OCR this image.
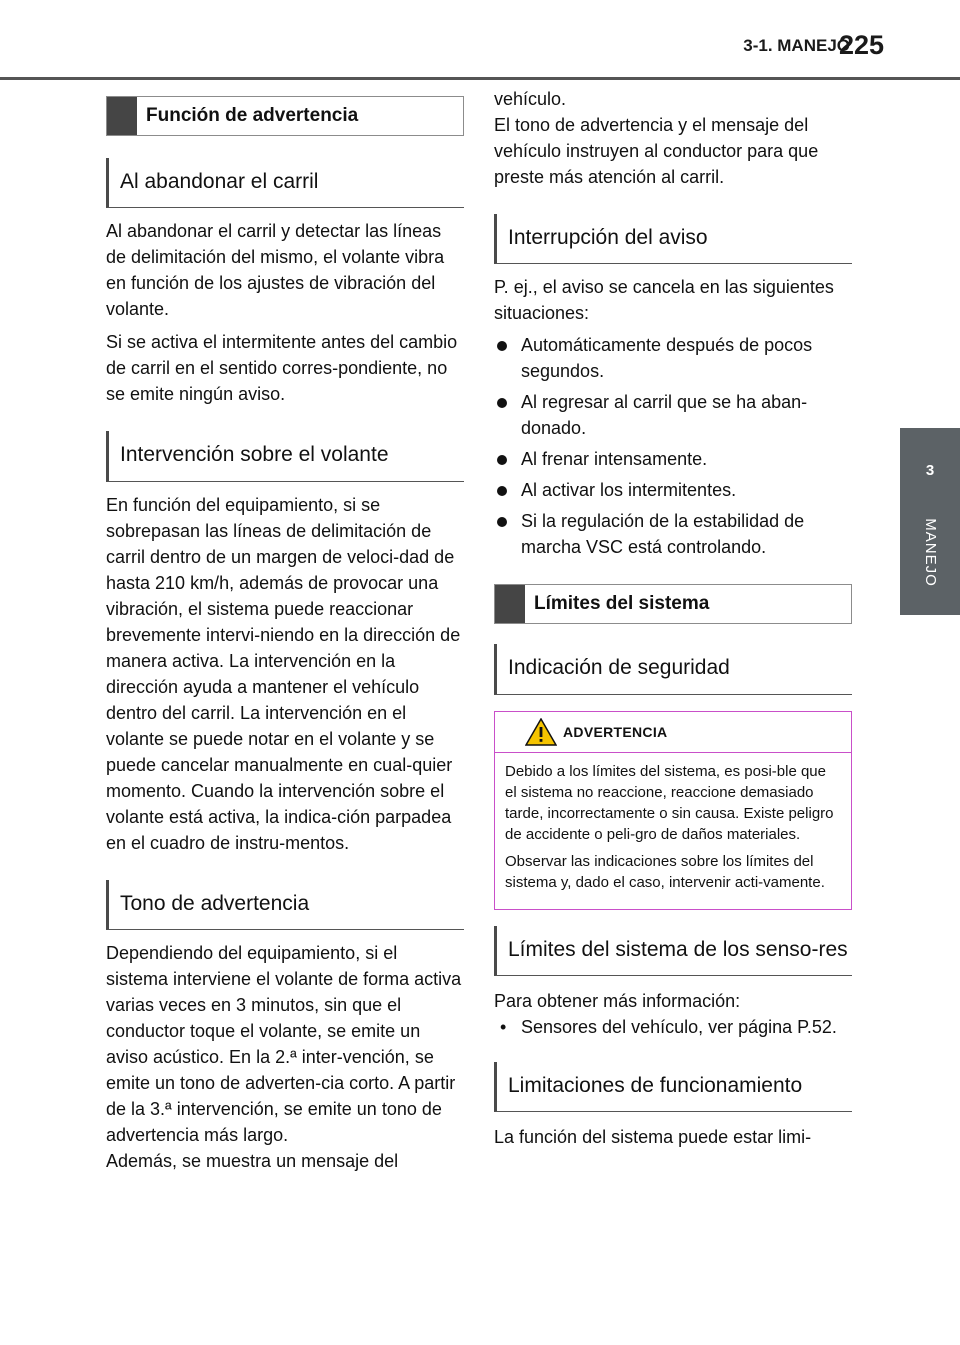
3-1. MANEJO
225
3
MANEJO
Función de advertencia
Al abandonar el carril

Al abandonar el carril y detectar las líneas de delimitación del mismo, el volante vibra en función de los ajustes de vibración del volante.

Si se activa el intermitente antes del cambio de carril en el sentido corres-pondiente, no se emite ningún aviso.

Intervención sobre el volante

En función del equipamiento, si se sobrepasan las líneas de delimitación de carril dentro de un margen de veloci-dad de hasta 210 km/h, además de provocar una vibración, el sistema puede reaccionar brevemente intervi-niendo en la dirección de manera activa. La intervención en la dirección ayuda a mantener el vehículo dentro del carril. La intervención en el volante se puede notar en el volante y se puede cancelar manualmente en cual-quier momento. Cuando la intervención sobre el volante está activa, la indica-ción parpadea en el cuadro de instru-mentos.

Tono de advertencia

Dependiendo del equipamiento, si el sistema interviene el volante de forma activa varias veces en 3 minutos, sin que el conductor toque el volante, se emite un aviso acústico. En la 2.ª inter-vención, se emite un tono de adverten-cia corto. A partir de la 3.ª intervención, se emite un tono de advertencia más largo.

Además, se muestra un mensaje del

vehículo.

El tono de advertencia y el mensaje del vehículo instruyen al conductor para que preste más atención al carril.

Interrupción del aviso

P. ej., el aviso se cancela en las siguientes situaciones:

Automáticamente después de pocos segundos.
Al regresar al carril que se ha aban-donado.
Al frenar intensamente.
Al activar los intermitentes.
Si la regulación de la estabilidad de marcha VSC está controlando.
Límites del sistema
Indicación de seguridad
ADVERTENCIA

Debido a los límites del sistema, es posi-ble que el sistema no reaccione, reaccione demasiado tarde, incorrectamente o sin causa. Existe peligro de accidente o peli-gro de daños materiales.

Observar las indicaciones sobre los límites del sistema y, dado el caso, intervenir acti-vamente.

Límites del sistema de los senso-res

Para obtener más información:

• Sensores del vehículo, ver página P.52.
Limitaciones de funcionamiento

La función del sistema puede estar limi-
